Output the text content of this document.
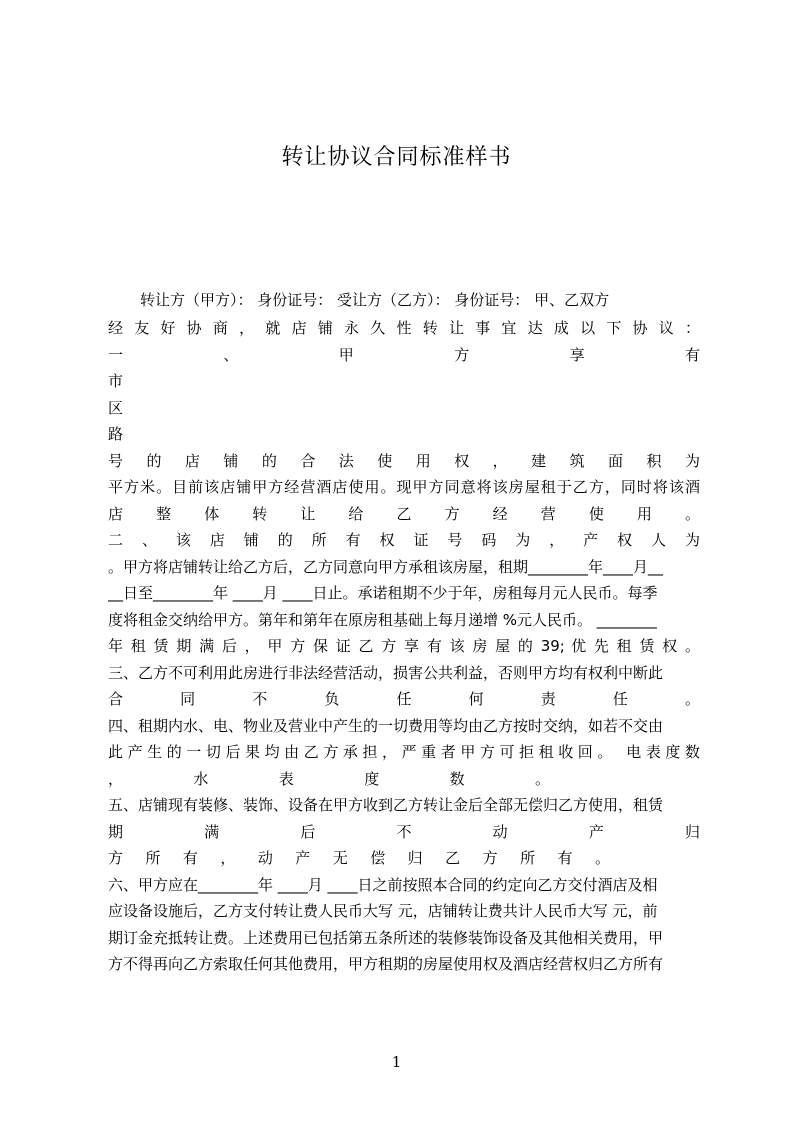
转让协议合同标准样书
转让方（甲方）： 身份证号： 受让方（乙方）： 身份证号： 甲、乙双方
经 友 好 协 商 ， 就 店 铺 永 久 性 转 让 事 宜 达 成 以 下 协 议 ：
一 、 甲 方 享 有
市
区
路
号 的 店 铺 的 合 法 使 用 权 ， 建 筑 面 积 为
平方米。目前该店铺甲方经营酒店使用。现甲方同意将该房屋租于乙方，同时将该酒
店 整 体 转 让 给 乙 方 经 营 使 用 。
二 、 该 店 铺 的 所 有 权 证 号 码 为 ， 产 权 人 为
。甲方将店铺转让给乙方后，乙方同意向甲方承租该房屋，租期________年____月__
__日至________年 ____月 ____日止。承诺租期不少于年，房租每月元人民币。每季
度将租金交纳给甲方。第年和第年在原房租基础上每月递增 %元人民币。 ________
年 租 赁 期 满 后 ， 甲 方 保 证 乙 方 享 有 该 房 屋 的 39; 优 先 租 赁 权 。
三、乙方不可利用此房进行非法经营活动，损害公共利益，否则甲方均有权利中断此
合 同 不 负 任 何 责 任 。
四、租期内水、电、物业及营业中产生的一切费用等均由乙方按时交纳，如若不交由
此产生的一切后果均由乙方承担，严重者甲方可拒租收回。 电表度数
， 水 表 度 数 。
五、店铺现有装修、装饰、设备在甲方收到乙方转让金后全部无偿归乙方使用，租赁
期 满 后 不 动 产 归
方 所 有 ， 动 产 无 偿 归 乙 方 所 有 。
六、甲方应在________年 ____月 ____日之前按照本合同的约定向乙方交付酒店及相
应设备设施后，乙方支付转让费人民币大写 元，店铺转让费共计人民币大写 元，前
期订金充抵转让费。上述费用已包括第五条所述的装修装饰设备及其他相关费用，甲
方不得再向乙方索取任何其他费用，甲方租期的房屋使用权及酒店经营权归乙方所有
1
